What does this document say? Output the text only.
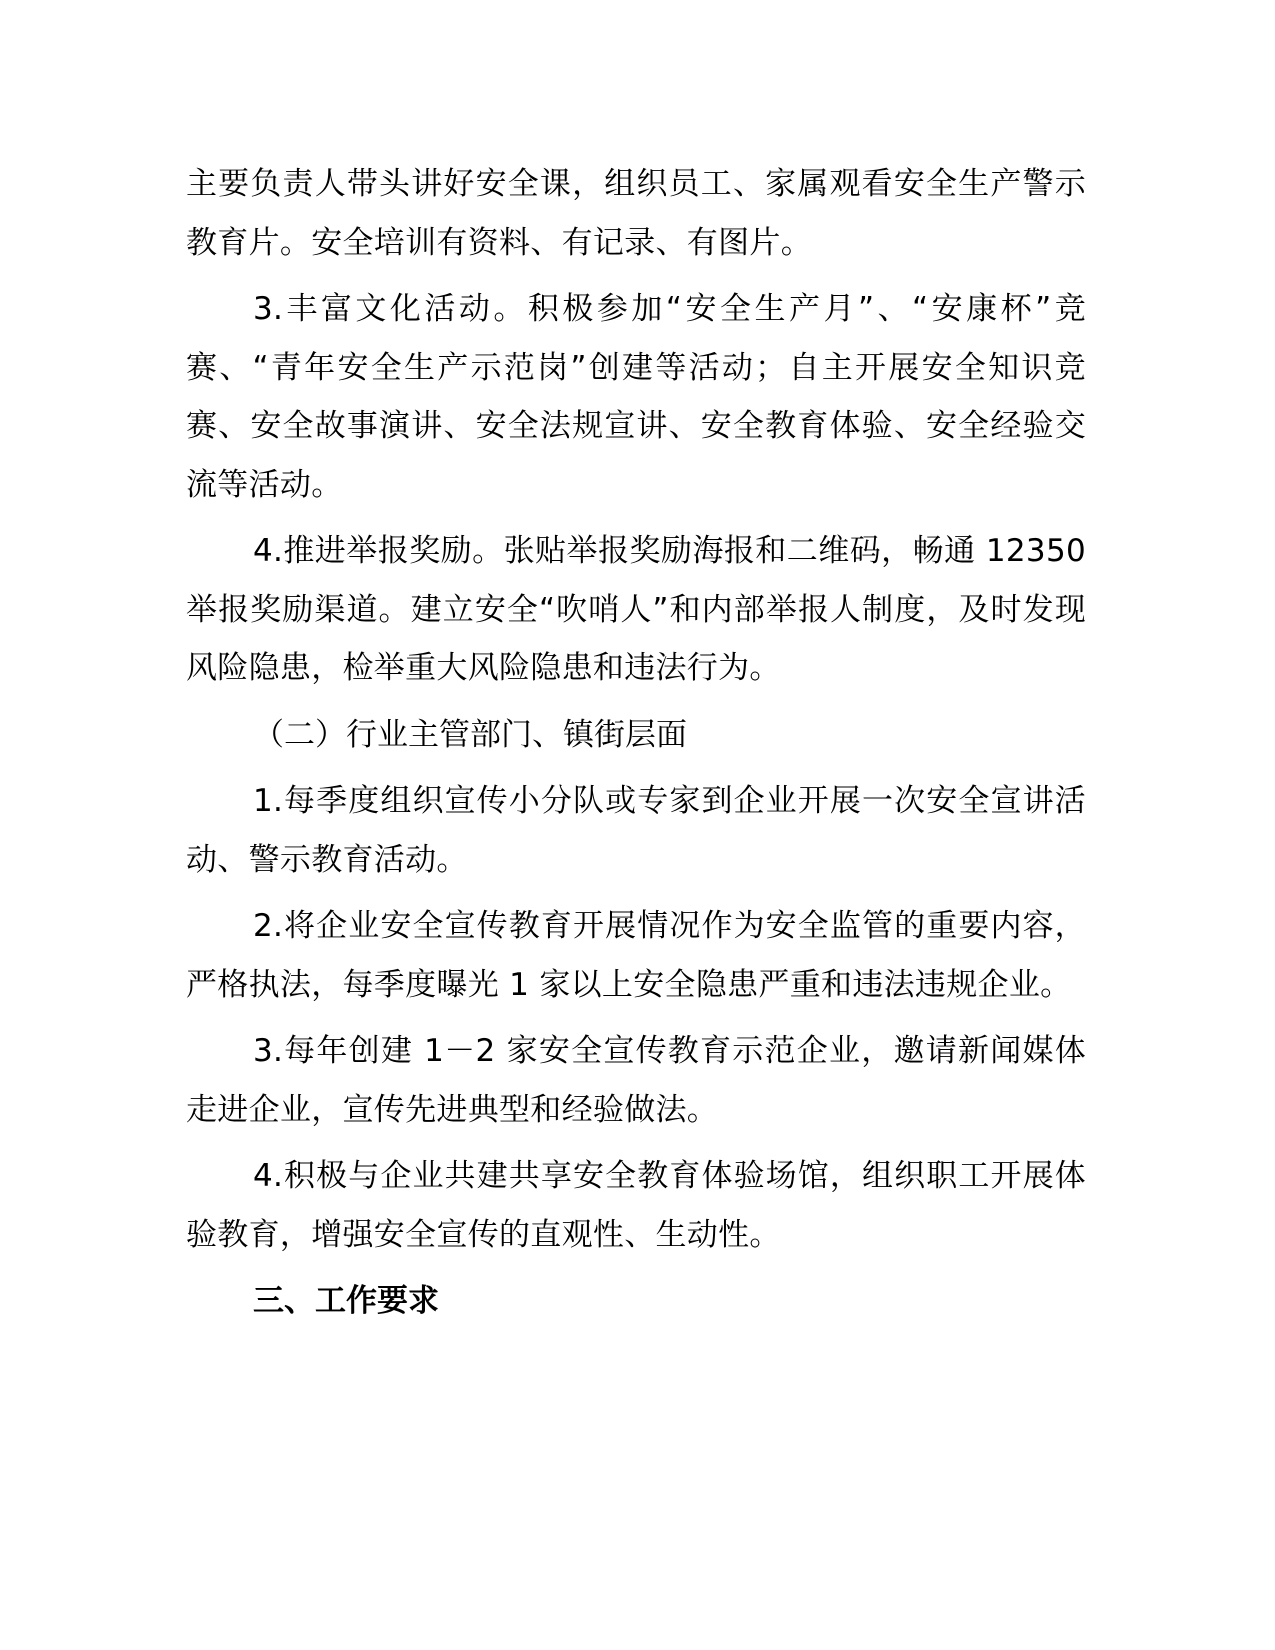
主要负责人带头讲好安全课，组织员工、家属观看安全生产警示教育片。安全培训有资料、有记录、有图片。

3.丰富文化活动。积极参加“安全生产月”、“安康杯”竞赛、“青年安全生产示范岗”创建等活动；自主开展安全知识竞赛、安全故事演讲、安全法规宣讲、安全教育体验、安全经验交流等活动。

4.推进举报奖励。张贴举报奖励海报和二维码，畅通 12350 举报奖励渠道。建立安全“吹哨人”和内部举报人制度，及时发现风险隐患，检举重大风险隐患和违法行为。

（二）行业主管部门、镇街层面

1.每季度组织宣传小分队或专家到企业开展一次安全宣讲活动、警示教育活动。

2.将企业安全宣传教育开展情况作为安全监管的重要内容，严格执法，每季度曝光 1 家以上安全隐患严重和违法违规企业。

3.每年创建 1－2 家安全宣传教育示范企业，邀请新闻媒体走进企业，宣传先进典型和经验做法。

4.积极与企业共建共享安全教育体验场馆，组织职工开展体验教育，增强安全宣传的直观性、生动性。

三、工作要求
